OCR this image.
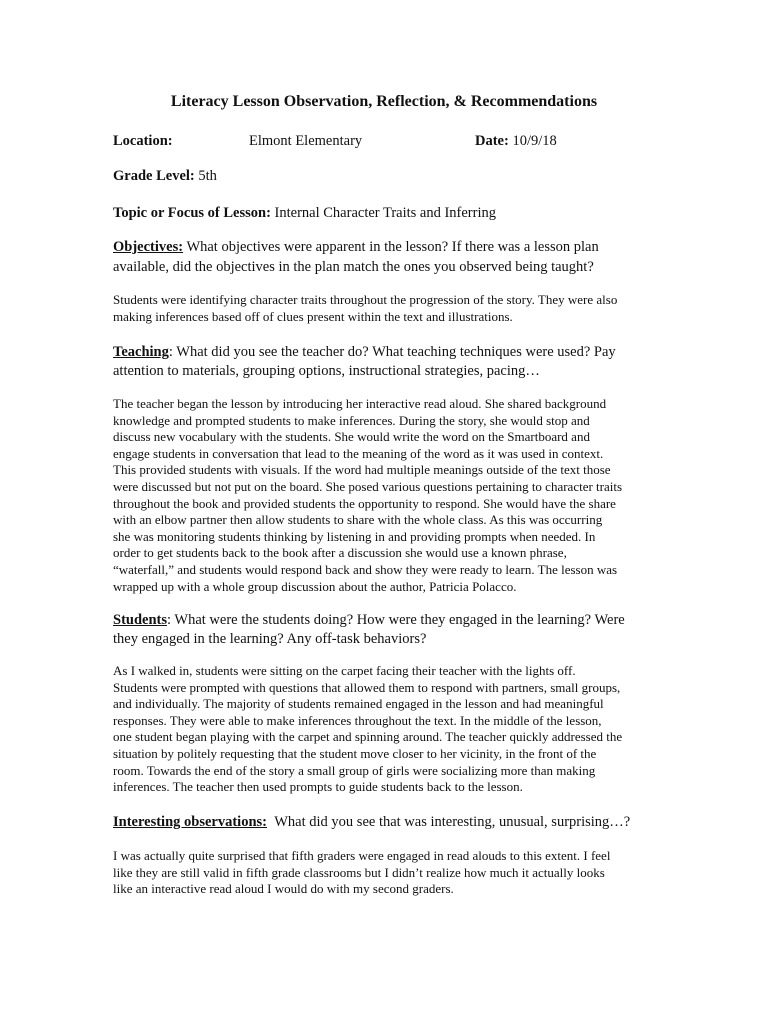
Literacy Lesson Observation, Reflection, & Recommendations
Location:	Elmont Elementary	Date: 10/9/18
Grade Level: 5th
Topic or Focus of Lesson: Internal Character Traits and Inferring
Objectives: What objectives were apparent in the lesson? If there was a lesson plan
available, did the objectives in the plan match the ones you observed being taught?
Students were identifying character traits throughout the progression of the story. They were also
making inferences based off of clues present within the text and illustrations.
Teaching: What did you see the teacher do? What teaching techniques were used? Pay
attention to materials, grouping options, instructional strategies, pacing…
The teacher began the lesson by introducing her interactive read aloud. She shared background
knowledge and prompted students to make inferences. During the story, she would stop and
discuss new vocabulary with the students. She would write the word on the Smartboard and
engage students in conversation that lead to the meaning of the word as it was used in context.
This provided students with visuals. If the word had multiple meanings outside of the text those
were discussed but not put on the board. She posed various questions pertaining to character traits
throughout the book and provided students the opportunity to respond. She would have the share
with an elbow partner then allow students to share with the whole class. As this was occurring
she was monitoring students thinking by listening in and providing prompts when needed. In
order to get students back to the book after a discussion she would use a known phrase,
“waterfall,” and students would respond back and show they were ready to learn. The lesson was
wrapped up with a whole group discussion about the author, Patricia Polacco.
Students: What were the students doing? How were they engaged in the learning? Were
they engaged in the learning? Any off-task behaviors?
As I walked in, students were sitting on the carpet facing their teacher with the lights off.
Students were prompted with questions that allowed them to respond with partners, small groups,
and individually. The majority of students remained engaged in the lesson and had meaningful
responses. They were able to make inferences throughout the text. In the middle of the lesson,
one student began playing with the carpet and spinning around. The teacher quickly addressed the
situation by politely requesting that the student move closer to her vicinity, in the front of the
room. Towards the end of the story a small group of girls were socializing more than making
inferences. The teacher then used prompts to guide students back to the lesson.
Interesting observations: What did you see that was interesting, unusual, surprising…?
I was actually quite surprised that fifth graders were engaged in read alouds to this extent. I feel
like they are still valid in fifth grade classrooms but I didn’t realize how much it actually looks
like an interactive read aloud I would do with my second graders.
